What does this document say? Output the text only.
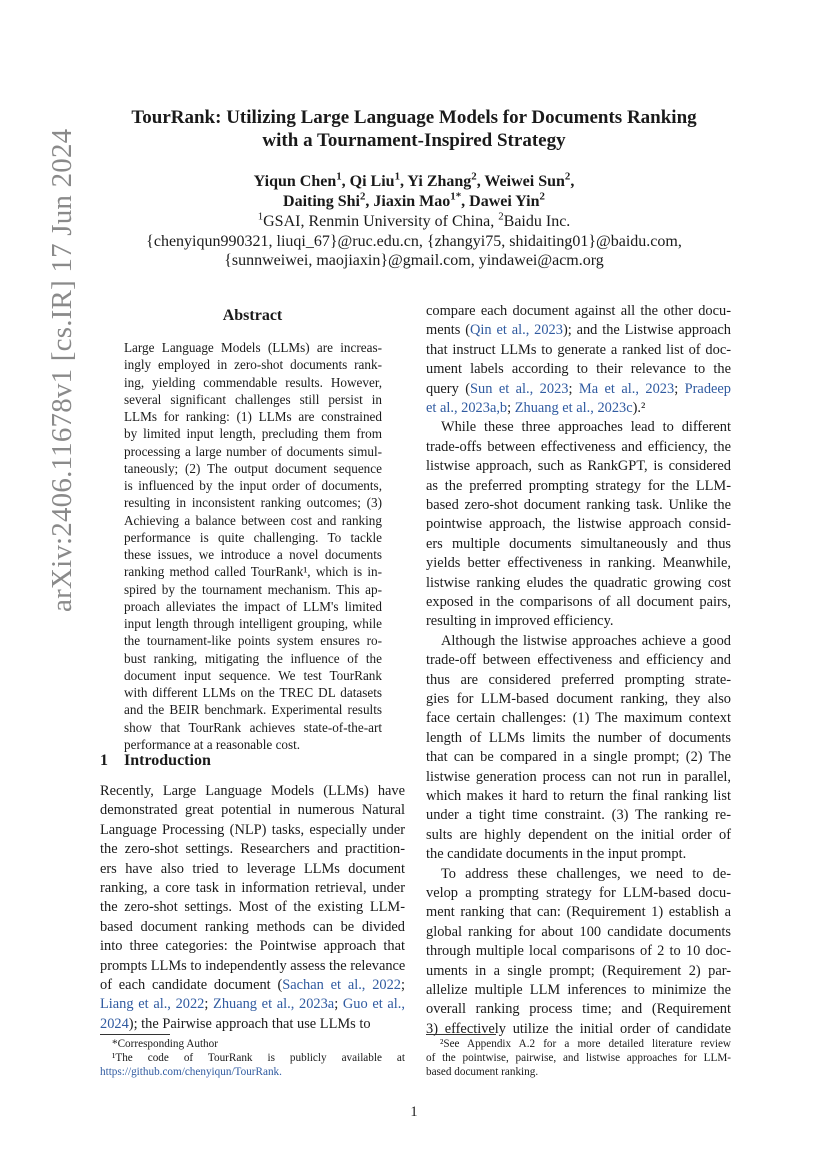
arXiv:2406.11678v1 [cs.IR] 17 Jun 2024
TourRank: Utilizing Large Language Models for Documents Ranking
with a Tournament-Inspired Strategy
Yiqun Chen$^1$, Qi Liu$^1$, Yi Zhang$^2$, Weiwei Sun$^2$,
Daiting Shi$^2$, Jiaxin Mao$^{1*}$, Dawei Yin$^2$
$^1$GSAI, Renmin University of China, $^2$Baidu Inc.
{chenyiqun990321, liuqi_67}@ruc.edu.cn, {zhangyi75, shidaiting01}@baidu.com,
{sunnweiwei, maojiaxin}@gmail.com, yindawei@acm.org
Abstract
Large Language Models (LLMs) are increas-
ingly employed in zero-shot documents rank-
ing, yielding commendable results. However,
several significant challenges still persist in
LLMs for ranking: (1) LLMs are constrained
by limited input length, precluding them from
processing a large number of documents simul-
taneously; (2) The output document sequence
is influenced by the input order of documents,
resulting in inconsistent ranking outcomes; (3)
Achieving a balance between cost and ranking
performance is quite challenging. To tackle
these issues, we introduce a novel documents
ranking method called TourRank¹, which is in-
spired by the tournament mechanism. This ap-
proach alleviates the impact of LLM's limited
input length through intelligent grouping, while
the tournament-like points system ensures ro-
bust ranking, mitigating the influence of the
document input sequence. We test TourRank
with different LLMs on the TREC DL datasets
and the BEIR benchmark. Experimental results
show that TourRank achieves state-of-the-art
performance at a reasonable cost.
1 Introduction
Recently, Large Language Models (LLMs) have
demonstrated great potential in numerous Natural
Language Processing (NLP) tasks, especially under
the zero-shot settings. Researchers and practition-
ers have also tried to leverage LLMs document
ranking, a core task in information retrieval, under
the zero-shot settings. Most of the existing LLM-
based document ranking methods can be divided
into three categories: the Pointwise approach that
prompts LLMs to independently assess the relevance
of each candidate document (Sachan et al., 2022;
Liang et al., 2022; Zhuang et al., 2023a; Guo et al.,
2024); the Pairwise approach that use LLMs to
compare each document against all the other docu-
ments (Qin et al., 2023); and the Listwise approach
that instruct LLMs to generate a ranked list of doc-
ument labels according to their relevance to the
query (Sun et al., 2023; Ma et al., 2023; Pradeep
et al., 2023a,b; Zhuang et al., 2023c).²
While these three approaches lead to different
trade-offs between effectiveness and efficiency, the
listwise approach, such as RankGPT, is considered
as the preferred prompting strategy for the LLM-
based zero-shot document ranking task. Unlike the
pointwise approach, the listwise approach consid-
ers multiple documents simultaneously and thus
yields better effectiveness in ranking. Meanwhile,
listwise ranking eludes the quadratic growing cost
exposed in the comparisons of all document pairs,
resulting in improved efficiency.
Although the listwise approaches achieve a good
trade-off between effectiveness and efficiency and
thus are considered preferred prompting strate-
gies for LLM-based document ranking, they also
face certain challenges: (1) The maximum context
length of LLMs limits the number of documents
that can be compared in a single prompt; (2) The
listwise generation process can not run in parallel,
which makes it hard to return the final ranking list
under a tight time constraint. (3) The ranking re-
sults are highly dependent on the initial order of
the candidate documents in the input prompt.
To address these challenges, we need to de-
velop a prompting strategy for LLM-based docu-
ment ranking that can: (Requirement 1) establish a
global ranking for about 100 candidate documents
through multiple local comparisons of 2 to 10 doc-
uments in a single prompt; (Requirement 2) par-
allelize multiple LLM inferences to minimize the
overall ranking process time; and (Requirement
3) effectively utilize the initial order of candidate
*Corresponding Author
¹The code of TourRank is publicly available at
https://github.com/chenyiqun/TourRank.
²See Appendix A.2 for a more detailed literature review
of the pointwise, pairwise, and listwise approaches for LLM-
based document ranking.
1
